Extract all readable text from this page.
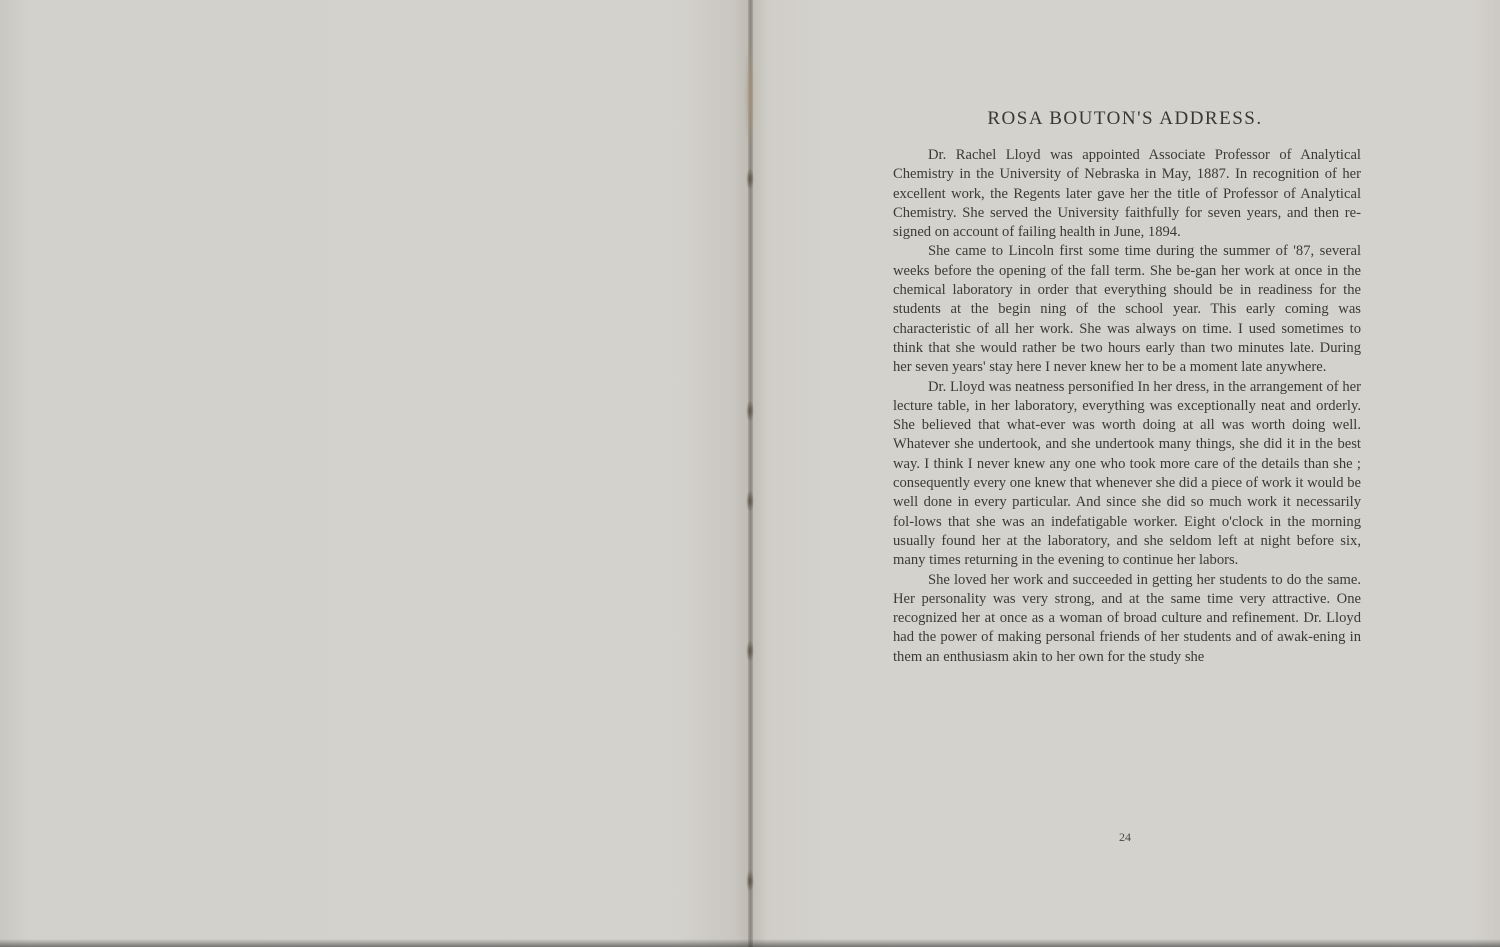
ROSA BOUTON'S ADDRESS.

Dr. Rachel Lloyd was appointed Associate Professor of Analytical Chemistry in the University of Nebraska in May, 1887. In recognition of her excellent work, the Regents later gave her the title of Professor of Analytical Chemistry. She served the University faithfully for seven years, and then re-signed on account of failing health in June, 1894.

She came to Lincoln first some time during the summer of '87, several weeks before the opening of the fall term. She be-gan her work at once in the chemical laboratory in order that everything should be in readiness for the students at the begin ning of the school year. This early coming was characteristic of all her work. She was always on time. I used sometimes to think that she would rather be two hours early than two minutes late. During her seven years' stay here I never knew her to be a moment late anywhere.

Dr. Lloyd was neatness personified In her dress, in the arrangement of her lecture table, in her laboratory, everything was exceptionally neat and orderly. She believed that what-ever was worth doing at all was worth doing well. Whatever she undertook, and she undertook many things, she did it in the best way. I think I never knew any one who took more care of the details than she ; consequently every one knew that whenever she did a piece of work it would be well done in every particular. And since she did so much work it necessarily fol-lows that she was an indefatigable worker. Eight o'clock in the morning usually found her at the laboratory, and she seldom left at night before six, many times returning in the evening to continue her labors.

She loved her work and succeeded in getting her students to do the same. Her personality was very strong, and at the same time very attractive. One recognized her at once as a woman of broad culture and refinement. Dr. Lloyd had the power of making personal friends of her students and of awak-ening in them an enthusiasm akin to her own for the study she

24
